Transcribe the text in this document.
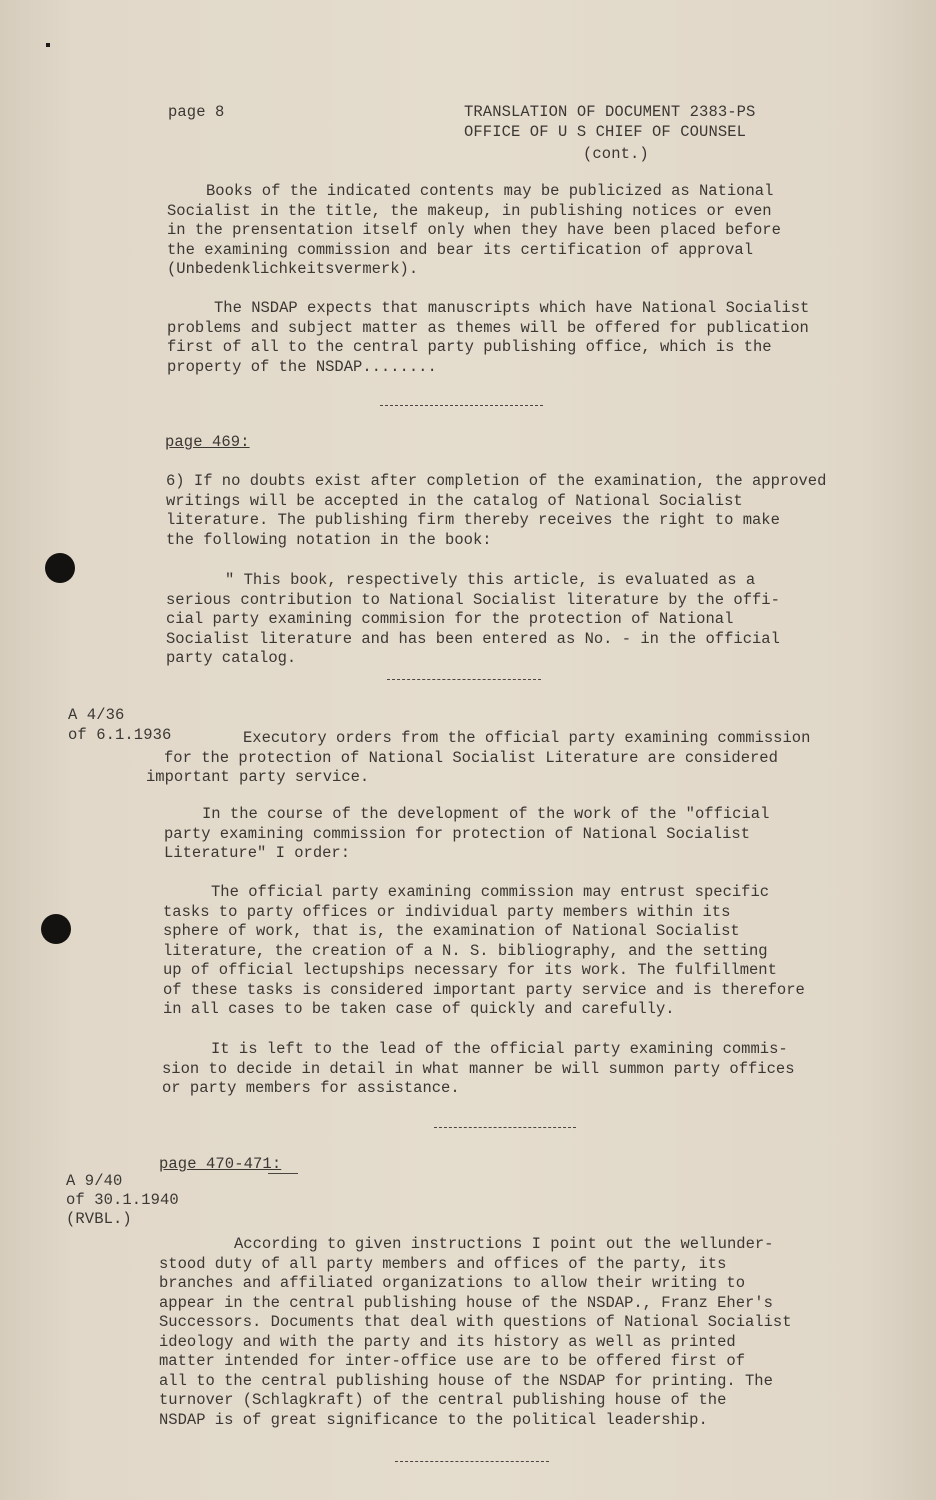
page 8	TRANSLATION OF DOCUMENT 2383-PS
OFFICE OF U S CHIEF OF COUNSEL
(cont.)
Books of the indicated contents may be publicized as National
Socialist in the title, the makeup, in publishing notices or even
in the prensentation itself only when they have been placed before
the examining commission and bear its certification of approval
(Unbedenklichkeitsvermerk).
The NSDAP expects that manuscripts which have National Socialist
problems and subject matter as themes will be offered for publication
first of all to the central party publishing office, which is the
property of the NSDAP........
page 469:
6) If no doubts exist after completion of the examination, the approved
writings will be accepted in the catalog of National Socialist
literature. The publishing firm thereby receives the right to make
the following notation in the book:
" This book, respectively this article, is evaluated as a
serious contribution to National Socialist literature by the offi-
cial party examining commision for the protection of National
Socialist literature and has been entered as No. - in the official
party catalog.
A 4/36
of 6.1.1936	Executory orders from the official party examining commission
for the protection of National Socialist Literature are considered
important party service.
In the course of the development of the work of the "official
party examining commission for protection of National Socialist
Literature" I order:
The official party examining commission may entrust specific
tasks to party offices or individual party members within its
sphere of work, that is, the examination of National Socialist
literature, the creation of a N. S. bibliography, and the setting
up of official lectupships necessary for its work. The fulfillment
of these tasks is considered important party service and is therefore
in all cases to be taken case of quickly and carefully.
It is left to the lead of the official party examining commis-
sion to decide in detail in what manner be will summon party offices
or party members for assistance.
page 470-471:
A 9/40
of 30.1.1940
(RVBL.)
According to given instructions I point out the wellunder-
stood duty of all party members and offices of the party, its
branches and affiliated organizations to allow their writing to
appear in the central publishing house of the NSDAP., Franz Eher's
Successors. Documents that deal with questions of National Socialist
ideology and with the party and its history as well as printed
matter intended for inter-office use are to be offered first of
all to the central publishing house of the NSDAP for printing. The
turnover (Schlagkraft) of the central publishing house of the
NSDAP is of great significance to the political leadership.
